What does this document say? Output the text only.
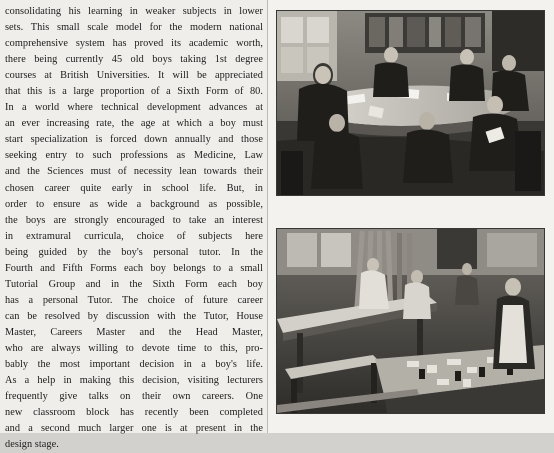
consolidating his learning in weaker subjects in lower
sets. This small scale model for the modern national
comprehensive system has proved its academic worth,
there being currently 45 old boys taking 1st degree
courses at British Universities. It will be appreciated
that this is a large proportion of a Sixth Form of 80.
In a world where technical development advances at
an ever increasing rate, the age at which a boy must
start specialization is forced down annually and those
seeking entry to such professions as Medicine, Law
and the Sciences must of necessity lean towards their
chosen career quite early in school life. But, in
order to ensure as wide a background as possible,
the boys are strongly encouraged to take an interest
in extramural curricula, choice of subjects here
being guided by the boy's personal tutor. In the
Fourth and Fifth Forms each boy belongs to a small
Tutorial Group and in the Sixth Form each boy
has a personal Tutor. The choice of future career
can be resolved by discussion with the Tutor, House
Master, Careers Master and the Head Master,
who are always willing to devote time to this, pro-
bably the most important decision in a boy's life.
As a help in making this decision, visiting lecturers
frequently give talks on their own careers. One
new classroom block has recently been completed
and a second much larger one is at present in the
design stage.
